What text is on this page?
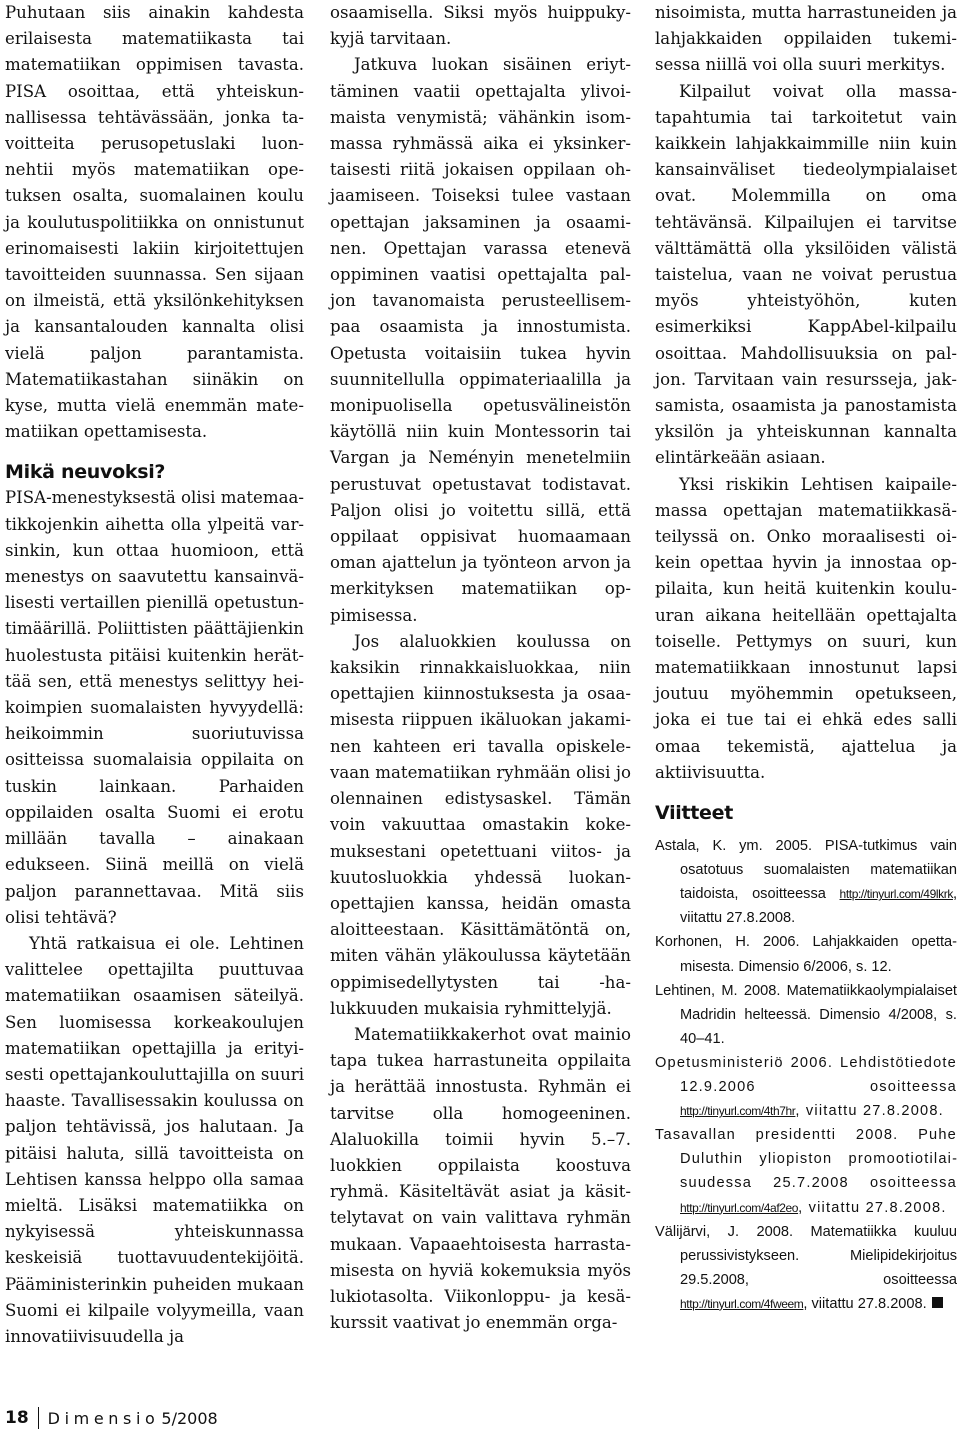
Puhutaan siis ainakin kahdesta erilaisesta matematiikasta tai matematiikan oppimisen tavasta. PISA osoittaa, että yhteiskunnallisessa tehtävässään, jonka tavoitteita perusopetuslaki luonnehtii myös matematiikan opetuksen osalta, suomalainen koulu ja koulutuspolitiikka on onnistunut erinomaisesti lakiin kirjoitettujen tavoitteiden suunnassa. Sen sijaan on ilmeistä, että yksilönkehityksen ja kansantalouden kannalta olisi vielä paljon parantamista. Matematiikastahan siinäkin on kyse, mutta vielä enemmän matematiikan opettamisesta.

Mikä neuvoksi?

PISA-menestyksestä olisi matemaatikkojenkin aihetta olla ylpeitä varsinkin, kun ottaa huomioon, että menestys on saavutettu kansainvälisesti vertaillen pienillä opetustuntimäärillä. Poliittisten päättäjienkin huolestusta pitäisi kuitenkin herättää sen, että menestys selittyy heikoimpien suomalaisten hyvyydellä: heikoimmin suoriutuvissa ositteissa suomalaisia oppilaita on tuskin lainkaan. Parhaiden oppilaiden osalta Suomi ei erotu millään tavalla – ainakaan edukseen. Siinä meillä on vielä paljon parannettavaa. Mitä siis olisi tehtävä?

Yhtä ratkaisua ei ole. Lehtinen valittelee opettajilta puuttuvaa matematiikan osaamisen säteilyä. Sen luomisessa korkeakoulujen matematiikan opettajilla ja erityisesti opettajankouluttajilla on suuri haaste. Tavallisessakin koulussa on paljon tehtävissä, jos halutaan. Ja pitäisi haluta, sillä tavoitteista on Lehtisen kanssa helppo olla samaa mieltä. Lisäksi matematiikka on nykyisessä yhteiskunnassa keskeisiä tuottavuudentekijöitä. Pääministerinkin puheiden mukaan Suomi ei kilpaile volyymeilla, vaan innovatiivisuudella ja

osaamisella. Siksi myös huippukykyjä tarvitaan.

Jatkuva luokan sisäinen eriyttäminen vaatii opettajalta ylivoimaista venymistä; vähänkin isommassa ryhmässä aika ei yksinkertaisesti riitä jokaisen oppilaan ohjaamiseen. Toiseksi tulee vastaan opettajan jaksaminen ja osaaminen. Opettajan varassa etenevä oppiminen vaatisi opettajalta paljon tavanomaista perusteellisempaa osaamista ja innostumista. Opetusta voitaisiin tukea hyvin suunnitellulla oppimateriaalilla ja monipuolisella opetusvälineistön käytöllä niin kuin Montessorin tai Vargan ja Neményin menetelmiin perustuvat opetustavat todistavat. Paljon olisi jo voitettu sillä, että oppilaat oppisivat huomaamaan oman ajattelun ja työnteon arvon ja merkityksen matematiikan oppimisessa.

Jos alaluokkien koulussa on kaksikin rinnakkaisluokkaa, niin opettajien kiinnostuksesta ja osaamisesta riippuen ikäluokan jakaminen kahteen eri tavalla opiskelevaan matematiikan ryhmään olisi jo olennainen edistysaskel. Tämän voin vakuuttaa omastakin kokemuksestani opetettuani viitos- ja kuutosluokkia yhdessä luokanopettajien kanssa, heidän omasta aloitteestaan. Käsittämätöntä on, miten vähän yläkoulussa käytetään oppimisedellytysten tai -halukkuuden mukaisia ryhmittelyjä.

Matematiikkakerhot ovat mainio tapa tukea harrastuneita oppilaita ja herättää innostusta. Ryhmän ei tarvitse olla homogeeninen. Alaluokilla toimii hyvin 5.–7. luokkien oppilaista koostuva ryhmä. Käsiteltävät asiat ja käsittelytavat on vain valittava ryhmän mukaan. Vapaaehtoisesta harrastamisesta on hyviä kokemuksia myös lukiotasolta. Viikonloppu- ja kesäkurssit vaativat jo enemmän orga-

nisoimista, mutta harrastuneiden ja lahjakkaiden oppilaiden tukemisessa niillä voi olla suuri merkitys.

Kilpailut voivat olla massatapahtumia tai tarkoitetut vain kaikkein lahjakkaimmille niin kuin kansainväliset tiedeolympialaiset ovat. Molemmilla on oma tehtävänsä. Kilpailujen ei tarvitse välttämättä olla yksilöiden välistä taistelua, vaan ne voivat perustua myös yhteistyöhön, kuten esimerkiksi KappAbel-kilpailu osoittaa. Mahdollisuuksia on paljon. Tarvitaan vain resursseja, jaksamista, osaamista ja panostamista yksilön ja yhteiskunnan kannalta elintärkeään asiaan.

Yksi riskikin Lehtisen kaipailemassa opettajan matematiikkasäteilyssä on. Onko moraalisesti oikein opettaa hyvin ja innostaa oppilaita, kun heitä kuitenkin koulu-uran aikana heitellään opettajalta toiselle. Pettymys on suuri, kun matematiikkaan innostunut lapsi joutuu myöhemmin opetukseen, joka ei tue tai ei ehkä edes salli omaa tekemistä, ajattelua ja aktiivisuutta.

Viitteet

Astala, K. ym. 2005. PISA-tutkimus vain osatotuus suomalaisten matematiikan taidoista, osoitteessa http://tinyurl.com/49lkrk, viitattu 27.8.2008.

Korhonen, H. 2006. Lahjakkaiden opettamisesta. Dimensio 6/2006, s. 12.

Lehtinen, M. 2008. Matematiikkaolympialaiset Madridin helteessä. Dimensio 4/2008, s. 40–41.

Opetusministeriö 2006. Lehdistötiedote 12.9.2006 osoitteessa http://tinyurl.com/4th7hr, viitattu 27.8.2008.

Tasavallan presidentti 2008. Puhe Duluthin yliopiston promootiotilaisuudessa 25.7.2008 osoitteessa http://tinyurl.com/4af2eo, viitattu 27.8.2008.

Välijärvi, J. 2008. Matematiikka kuuluu perussivistykseen. Mielipidekirjoitus 29.5.2008, osoitteessa http://tinyurl.com/4fweem, viitattu 27.8.2008.

18 Dimensio 5/2008
